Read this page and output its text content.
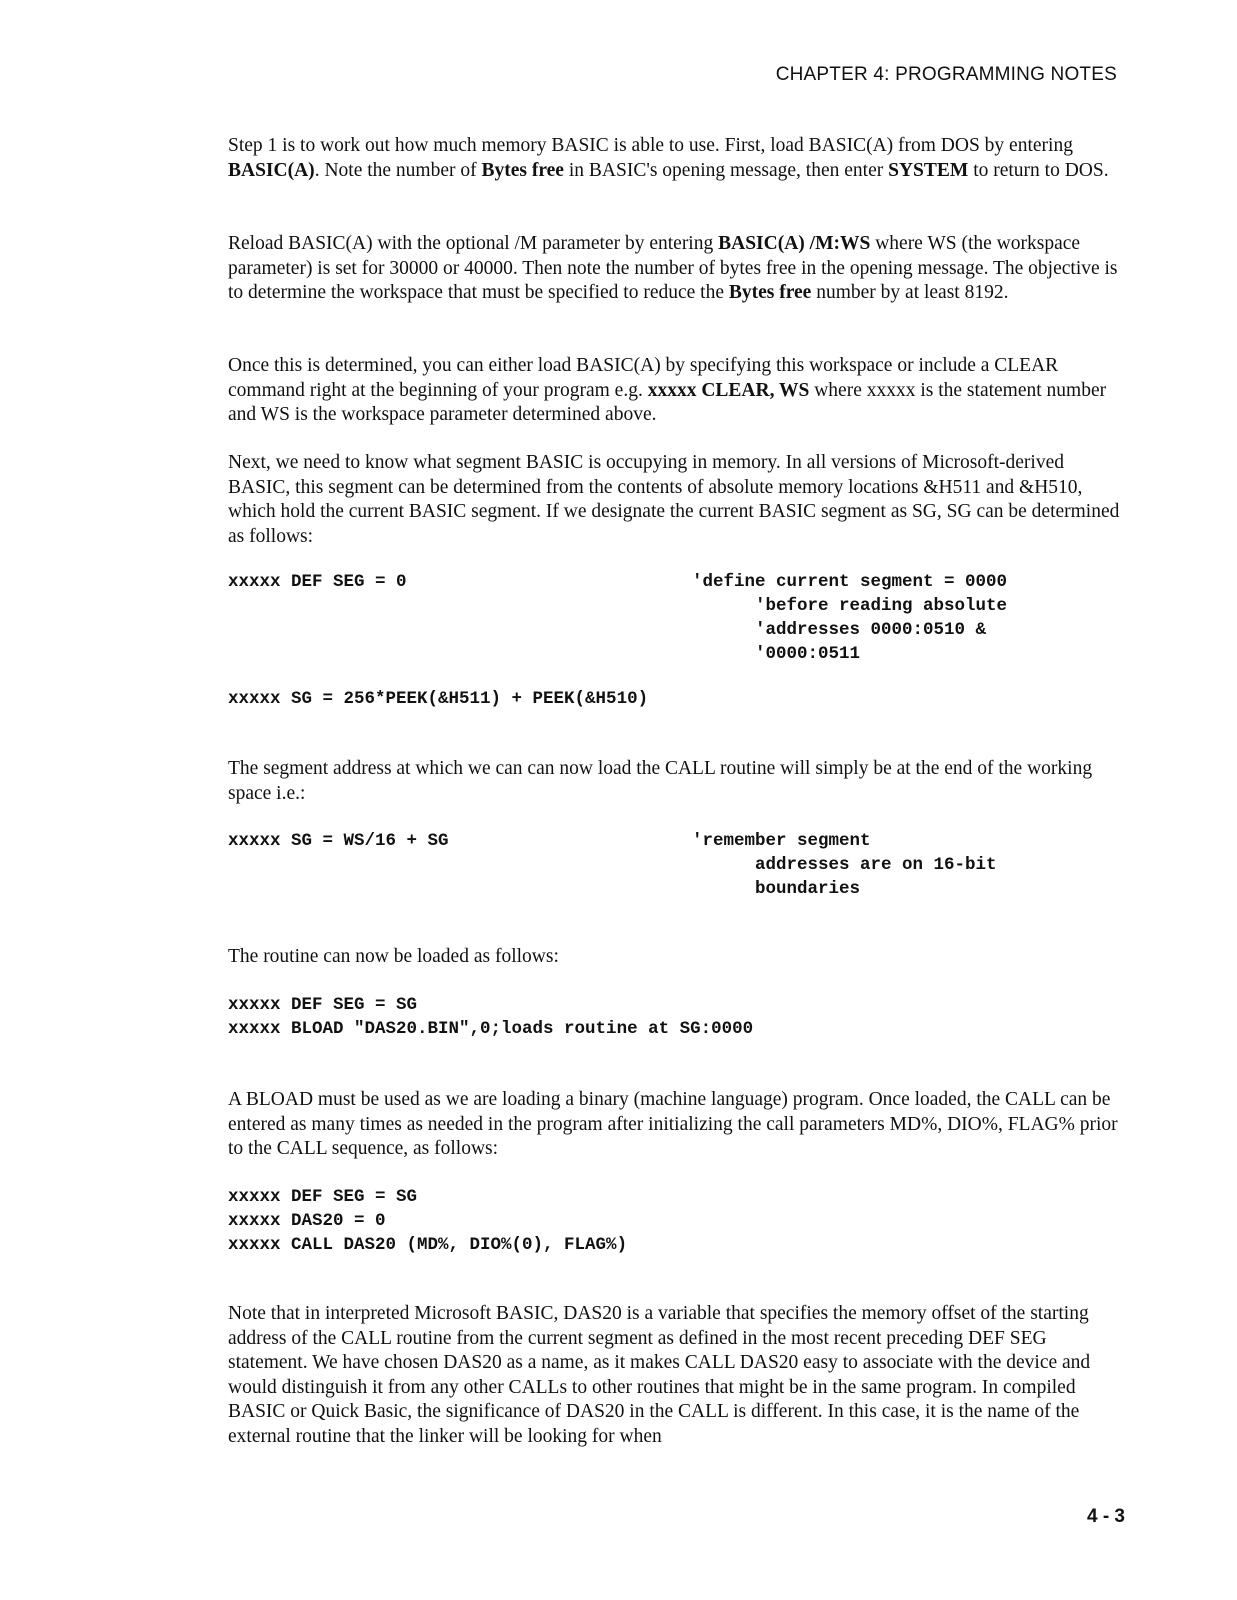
CHAPTER 4: PROGRAMMING NOTES

Step 1 is to work out how much memory BASIC is able to use. First, load BASIC(A) from DOS by entering BASIC(A). Note the number of Bytes free in BASIC's opening message, then enter SYSTEM to return to DOS.

Reload BASIC(A) with the optional /M parameter by entering BASIC(A) /M:WS where WS (the workspace parameter) is set for 30000 or 40000. Then note the number of bytes free in the opening message. The objective is to determine the workspace that must be specified to reduce the Bytes free number by at least 8192.

Once this is determined, you can either load BASIC(A) by specifying this workspace or include a CLEAR command right at the beginning of your program e.g. xxxxx CLEAR, WS where xxxxx is the statement number and WS is the workspace parameter determined above.

Next, we need to know what segment BASIC is occupying in memory. In all versions of Microsoft-derived BASIC, this segment can be determined from the contents of absolute memory locations &H511 and &H510, which hold the current BASIC segment. If we designate the current BASIC segment as SG, SG can be determined as follows:

xxxxx DEF SEG = 0	'define current segment = 0000
'before reading absolute
'addresses 0000:0510 &
'0000:0511
xxxxx SG = 256*PEEK(&H511) + PEEK(&H510)

The segment address at which we can can now load the CALL routine will simply be at the end of the working space i.e.:

xxxxx SG = WS/16 + SG	'remember segment
addresses are on 16-bit
boundaries

The routine can now be loaded as follows:

xxxxx DEF SEG = SG
xxxxx BLOAD "DAS20.BIN",0;loads routine at SG:0000

A BLOAD must be used as we are loading a binary (machine language) program. Once loaded, the CALL can be entered as many times as needed in the program after initializing the call parameters MD%, DIO%, FLAG% prior to the CALL sequence, as follows:

xxxxx DEF SEG = SG
xxxxx DAS20 = 0
xxxxx CALL DAS20 (MD%, DIO%(0), FLAG%)

Note that in interpreted Microsoft BASIC, DAS20 is a variable that specifies the memory offset of the starting address of the CALL routine from the current segment as defined in the most recent preceding DEF SEG statement. We have chosen DAS20 as a name, as it makes CALL DAS20 easy to associate with the device and would distinguish it from any other CALLs to other routines that might be in the same program. In compiled BASIC or Quick Basic, the significance of DAS20 in the CALL is different. In this case, it is the name of the external routine that the linker will be looking for when

4 - 3
